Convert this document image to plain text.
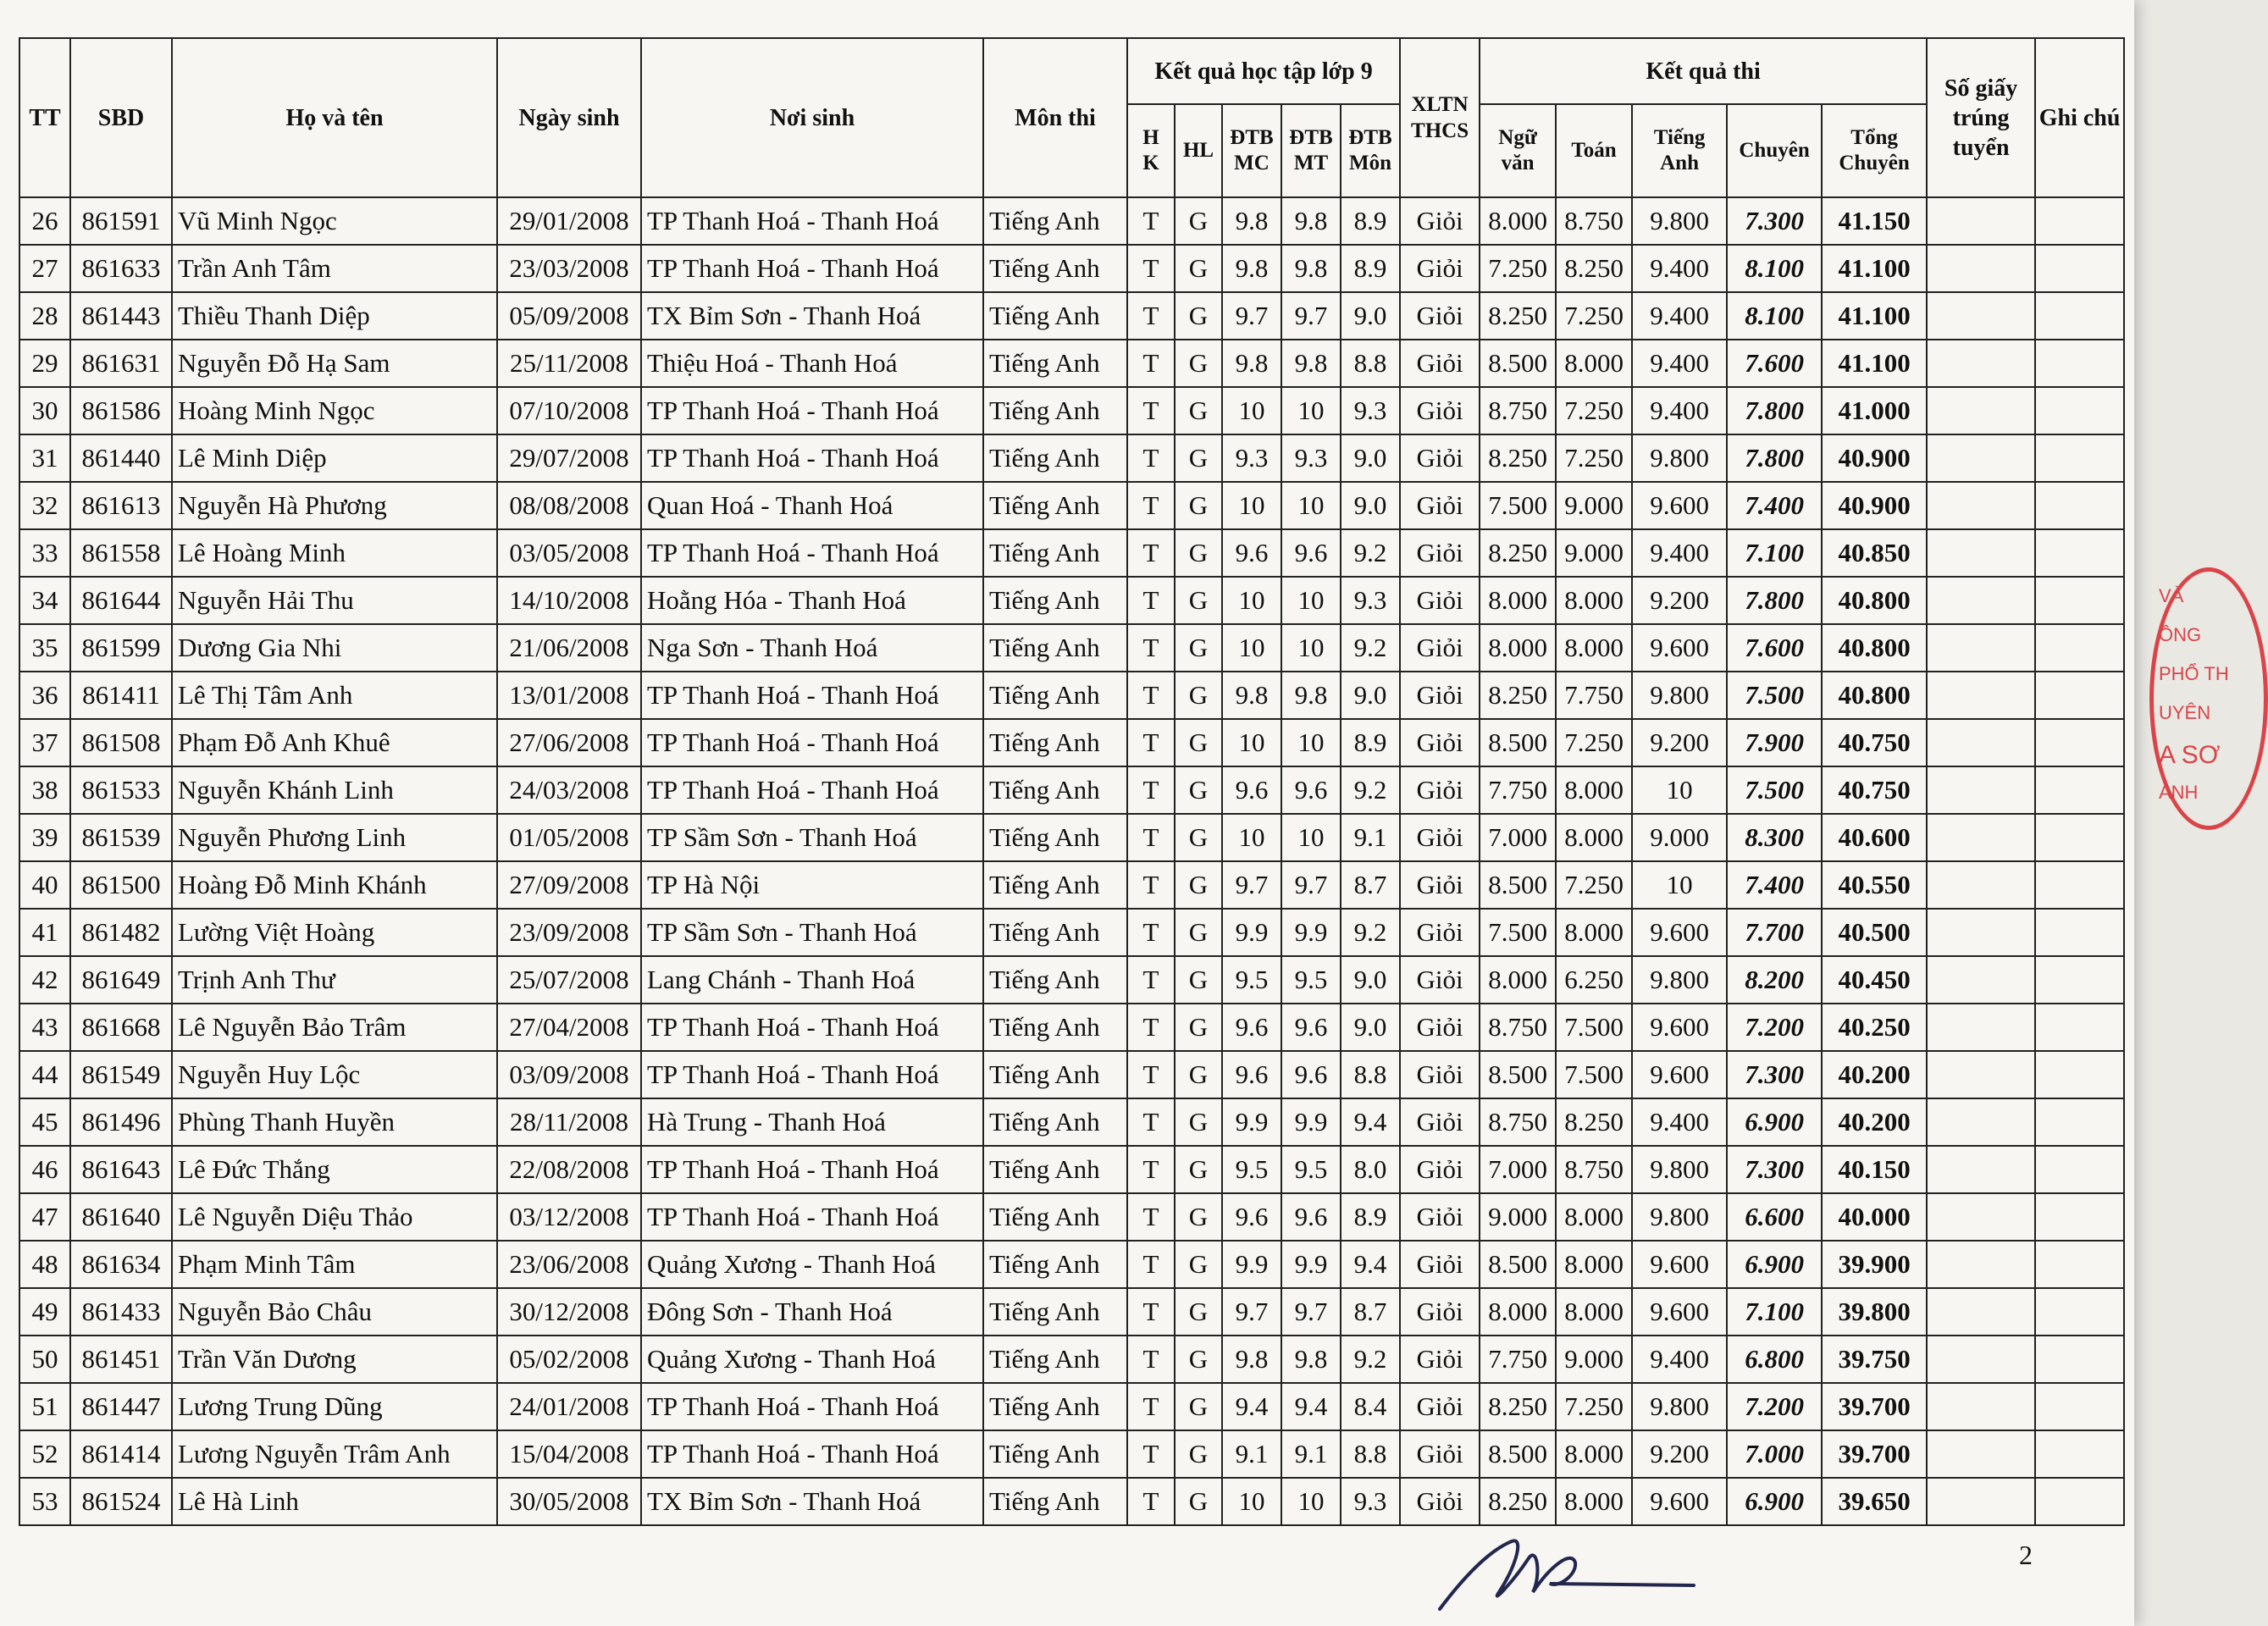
TT	SBD	Họ và tên	Ngày sinh	Nơi sinh	Môn thi	Kết quả học tập lớp 9					XLTN THCS	Kết quả thi					Số giấy trúng tuyển	Ghi chú
						H K	HL	ĐTB MC	ĐTB MT	ĐTB Môn		Ngữ văn	Toán	Tiếng Anh	Chuyên	Tổng Chuyên		
26	861591	Vũ Minh Ngọc	29/01/2008	TP Thanh Hoá - Thanh Hoá	Tiếng Anh	T	G	9.8	9.8	8.9	Giỏi	8.000	8.750	9.800	7.300	41.150		
27	861633	Trần Anh Tâm	23/03/2008	TP Thanh Hoá - Thanh Hoá	Tiếng Anh	T	G	9.8	9.8	8.9	Giỏi	7.250	8.250	9.400	8.100	41.100		
28	861443	Thiều Thanh Diệp	05/09/2008	TX Bỉm Sơn - Thanh Hoá	Tiếng Anh	T	G	9.7	9.7	9.0	Giỏi	8.250	7.250	9.400	8.100	41.100		
29	861631	Nguyễn Đỗ Hạ Sam	25/11/2008	Thiệu Hoá - Thanh Hoá	Tiếng Anh	T	G	9.8	9.8	8.8	Giỏi	8.500	8.000	9.400	7.600	41.100		
30	861586	Hoàng Minh Ngọc	07/10/2008	TP Thanh Hoá - Thanh Hoá	Tiếng Anh	T	G	10	10	9.3	Giỏi	8.750	7.250	9.400	7.800	41.000		
31	861440	Lê Minh Diệp	29/07/2008	TP Thanh Hoá - Thanh Hoá	Tiếng Anh	T	G	9.3	9.3	9.0	Giỏi	8.250	7.250	9.800	7.800	40.900		
32	861613	Nguyễn Hà Phương	08/08/2008	Quan Hoá - Thanh Hoá	Tiếng Anh	T	G	10	10	9.0	Giỏi	7.500	9.000	9.600	7.400	40.900		
33	861558	Lê Hoàng Minh	03/05/2008	TP Thanh Hoá - Thanh Hoá	Tiếng Anh	T	G	9.6	9.6	9.2	Giỏi	8.250	9.000	9.400	7.100	40.850		
34	861644	Nguyễn Hải Thu	14/10/2008	Hoằng Hóa - Thanh Hoá	Tiếng Anh	T	G	10	10	9.3	Giỏi	8.000	8.000	9.200	7.800	40.800		
35	861599	Dương Gia Nhi	21/06/2008	Nga Sơn - Thanh Hoá	Tiếng Anh	T	G	10	10	9.2	Giỏi	8.000	8.000	9.600	7.600	40.800		
36	861411	Lê Thị Tâm Anh	13/01/2008	TP Thanh Hoá - Thanh Hoá	Tiếng Anh	T	G	9.8	9.8	9.0	Giỏi	8.250	7.750	9.800	7.500	40.800		
37	861508	Phạm Đỗ Anh Khuê	27/06/2008	TP Thanh Hoá - Thanh Hoá	Tiếng Anh	T	G	10	10	8.9	Giỏi	8.500	7.250	9.200	7.900	40.750		
38	861533	Nguyễn Khánh Linh	24/03/2008	TP Thanh Hoá - Thanh Hoá	Tiếng Anh	T	G	9.6	9.6	9.2	Giỏi	7.750	8.000	10	7.500	40.750		
39	861539	Nguyễn Phương Linh	01/05/2008	TP Sầm Sơn - Thanh Hoá	Tiếng Anh	T	G	10	10	9.1	Giỏi	7.000	8.000	9.000	8.300	40.600		
40	861500	Hoàng Đỗ Minh Khánh	27/09/2008	TP Hà Nội	Tiếng Anh	T	G	9.7	9.7	8.7	Giỏi	8.500	7.250	10	7.400	40.550		
41	861482	Lường Việt Hoàng	23/09/2008	TP Sầm Sơn - Thanh Hoá	Tiếng Anh	T	G	9.9	9.9	9.2	Giỏi	7.500	8.000	9.600	7.700	40.500		
42	861649	Trịnh Anh Thư	25/07/2008	Lang Chánh - Thanh Hoá	Tiếng Anh	T	G	9.5	9.5	9.0	Giỏi	8.000	6.250	9.800	8.200	40.450		
43	861668	Lê Nguyễn Bảo Trâm	27/04/2008	TP Thanh Hoá - Thanh Hoá	Tiếng Anh	T	G	9.6	9.6	9.0	Giỏi	8.750	7.500	9.600	7.200	40.250		
44	861549	Nguyễn Huy Lộc	03/09/2008	TP Thanh Hoá - Thanh Hoá	Tiếng Anh	T	G	9.6	9.6	8.8	Giỏi	8.500	7.500	9.600	7.300	40.200		
45	861496	Phùng Thanh Huyền	28/11/2008	Hà Trung - Thanh Hoá	Tiếng Anh	T	G	9.9	9.9	9.4	Giỏi	8.750	8.250	9.400	6.900	40.200		
46	861643	Lê Đức Thắng	22/08/2008	TP Thanh Hoá - Thanh Hoá	Tiếng Anh	T	G	9.5	9.5	8.0	Giỏi	7.000	8.750	9.800	7.300	40.150		
47	861640	Lê Nguyễn Diệu Thảo	03/12/2008	TP Thanh Hoá - Thanh Hoá	Tiếng Anh	T	G	9.6	9.6	8.9	Giỏi	9.000	8.000	9.800	6.600	40.000		
48	861634	Phạm Minh Tâm	23/06/2008	Quảng Xương - Thanh Hoá	Tiếng Anh	T	G	9.9	9.9	9.4	Giỏi	8.500	8.000	9.600	6.900	39.900		
49	861433	Nguyễn Bảo Châu	30/12/2008	Đông Sơn - Thanh Hoá	Tiếng Anh	T	G	9.7	9.7	8.7	Giỏi	8.000	8.000	9.600	7.100	39.800		
50	861451	Trần Văn Dương	05/02/2008	Quảng Xương - Thanh Hoá	Tiếng Anh	T	G	9.8	9.8	9.2	Giỏi	7.750	9.000	9.400	6.800	39.750		
51	861447	Lương Trung Dũng	24/01/2008	TP Thanh Hoá - Thanh Hoá	Tiếng Anh	T	G	9.4	9.4	8.4	Giỏi	8.250	7.250	9.800	7.200	39.700		
52	861414	Lương Nguyễn Trâm Anh	15/04/2008	TP Thanh Hoá - Thanh Hoá	Tiếng Anh	T	G	9.1	9.1	8.8	Giỏi	8.500	8.000	9.200	7.000	39.700		
53	861524	Lê Hà Linh	30/05/2008	TX Bỉm Sơn - Thanh Hoá	Tiếng Anh	T	G	10	10	9.3	Giỏi	8.250	8.000	9.600	6.900	39.650		
VÀ
ỒNG
PHỔ TH
UYÊN
A SƠ
ANH
2
